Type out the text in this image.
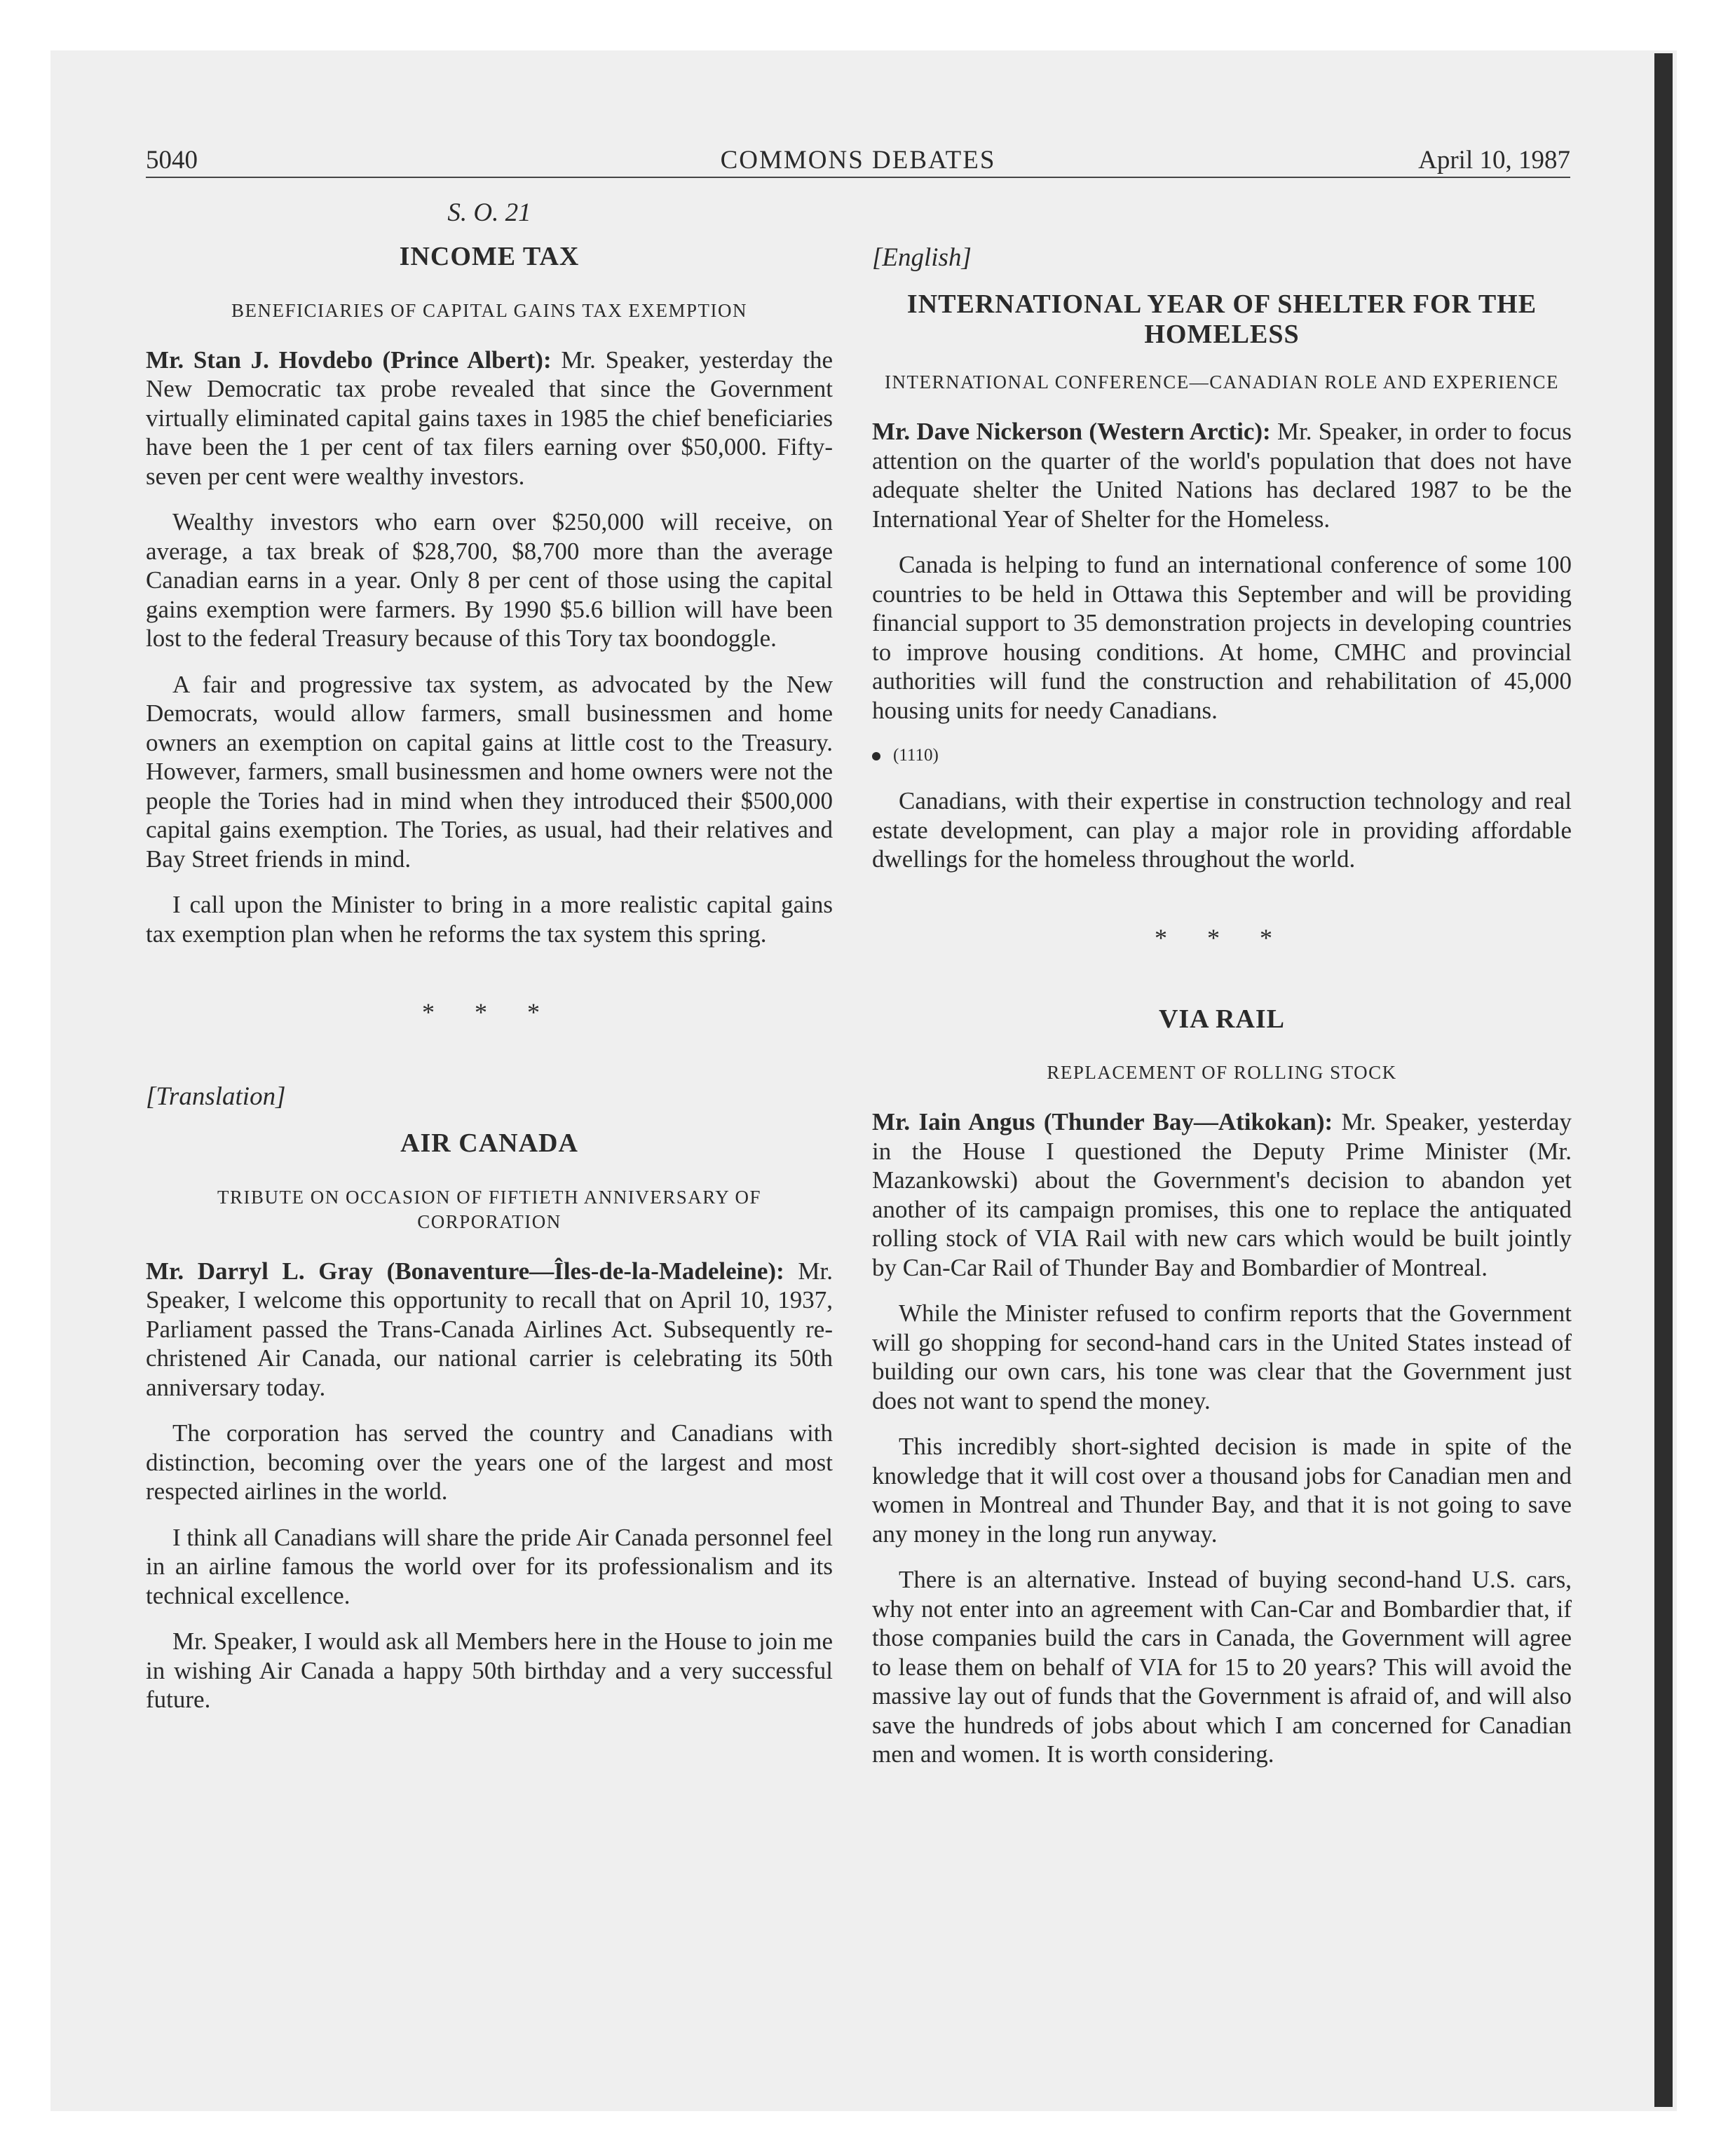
5040	COMMONS DEBATES	April 10, 1987
S. O. 21
INCOME TAX
BENEFICIARIES OF CAPITAL GAINS TAX EXEMPTION

Mr. Stan J. Hovdebo (Prince Albert): Mr. Speaker, yesterday the New Democratic tax probe revealed that since the Government virtually eliminated capital gains taxes in 1985 the chief beneficiaries have been the 1 per cent of tax filers earning over $50,000. Fifty-seven per cent were wealthy investors.

Wealthy investors who earn over $250,000 will receive, on average, a tax break of $28,700, $8,700 more than the average Canadian earns in a year. Only 8 per cent of those using the capital gains exemption were farmers. By 1990 $5.6 billion will have been lost to the federal Treasury because of this Tory tax boondoggle.

A fair and progressive tax system, as advocated by the New Democrats, would allow farmers, small businessmen and home owners an exemption on capital gains at little cost to the Treasury. However, farmers, small businessmen and home owners were not the people the Tories had in mind when they introduced their $500,000 capital gains exemption. The Tories, as usual, had their relatives and Bay Street friends in mind.

I call upon the Minister to bring in a more realistic capital gains tax exemption plan when he reforms the tax system this spring.

* * *
[Translation]
AIR CANADA
TRIBUTE ON OCCASION OF FIFTIETH ANNIVERSARY OF CORPORATION

Mr. Darryl L. Gray (Bonaventure—Îles-de-la-Madeleine): Mr. Speaker, I welcome this opportunity to recall that on April 10, 1937, Parliament passed the Trans-Canada Airlines Act. Subsequently re-christened Air Canada, our national carrier is celebrating its 50th anniversary today.

The corporation has served the country and Canadians with distinction, becoming over the years one of the largest and most respected airlines in the world.

I think all Canadians will share the pride Air Canada personnel feel in an airline famous the world over for its professionalism and its technical excellence.

Mr. Speaker, I would ask all Members here in the House to join me in wishing Air Canada a happy 50th birthday and a very successful future.

[English]
INTERNATIONAL YEAR OF SHELTER FOR THE HOMELESS
INTERNATIONAL CONFERENCE—CANADIAN ROLE AND EXPERIENCE

Mr. Dave Nickerson (Western Arctic): Mr. Speaker, in order to focus attention on the quarter of the world's population that does not have adequate shelter the United Nations has declared 1987 to be the International Year of Shelter for the Homeless.

Canada is helping to fund an international conference of some 100 countries to be held in Ottawa this September and will be providing financial support to 35 demonstration projects in developing countries to improve housing conditions. At home, CMHC and provincial authorities will fund the construction and rehabilitation of 45,000 housing units for needy Canadians.

(1110)

Canadians, with their expertise in construction technology and real estate development, can play a major role in providing affordable dwellings for the homeless throughout the world.

* * *
VIA RAIL
REPLACEMENT OF ROLLING STOCK

Mr. Iain Angus (Thunder Bay—Atikokan): Mr. Speaker, yesterday in the House I questioned the Deputy Prime Minister (Mr. Mazankowski) about the Government's decision to abandon yet another of its campaign promises, this one to replace the antiquated rolling stock of VIA Rail with new cars which would be built jointly by Can-Car Rail of Thunder Bay and Bombardier of Montreal.

While the Minister refused to confirm reports that the Government will go shopping for second-hand cars in the United States instead of building our own cars, his tone was clear that the Government just does not want to spend the money.

This incredibly short-sighted decision is made in spite of the knowledge that it will cost over a thousand jobs for Canadian men and women in Montreal and Thunder Bay, and that it is not going to save any money in the long run anyway.

There is an alternative. Instead of buying second-hand U.S. cars, why not enter into an agreement with Can-Car and Bombardier that, if those companies build the cars in Canada, the Government will agree to lease them on behalf of VIA for 15 to 20 years? This will avoid the massive lay out of funds that the Government is afraid of, and will also save the hundreds of jobs about which I am concerned for Canadian men and women. It is worth considering.
